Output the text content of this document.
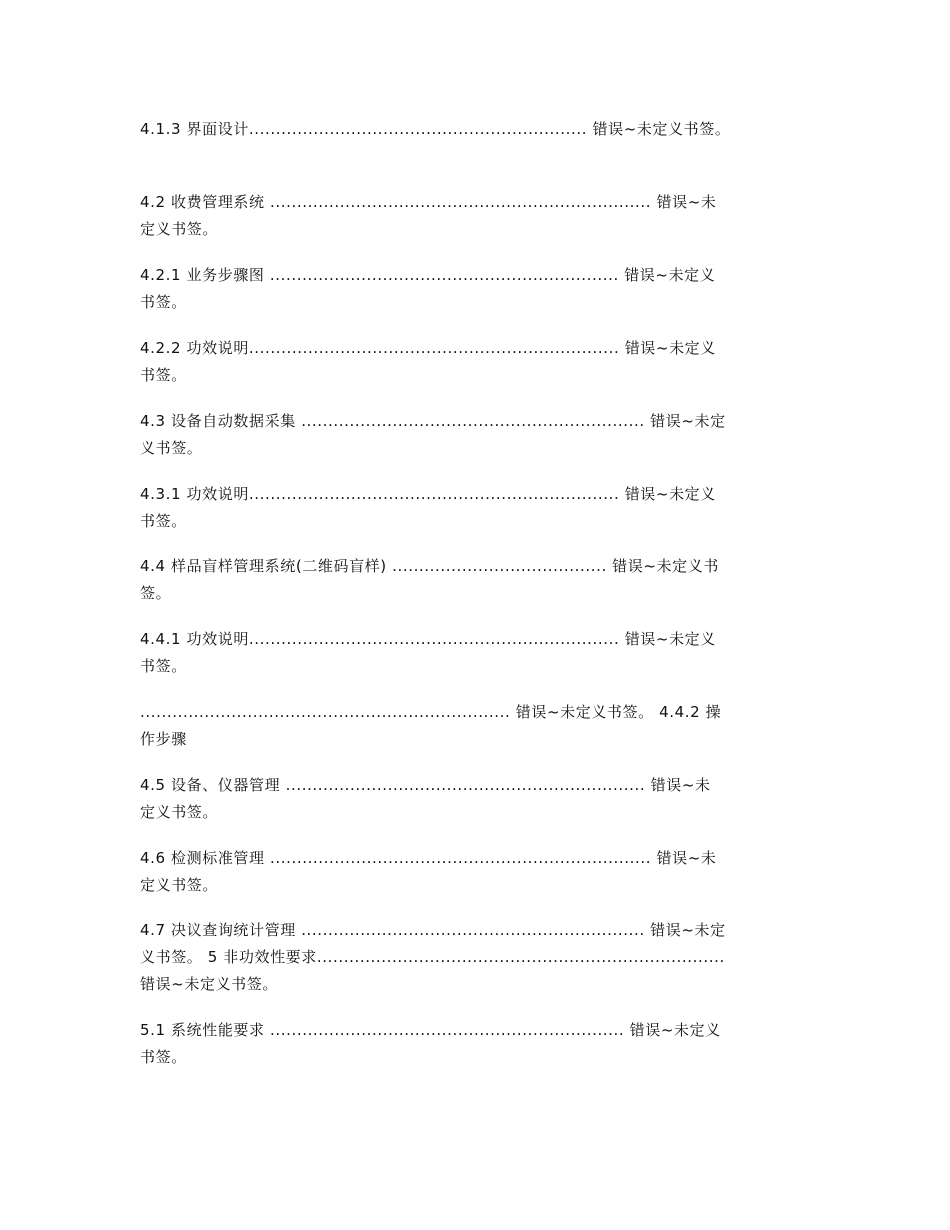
4.1.3 界面设计............................................................... 错误~未定义书签。
4.2 收费管理系统 ....................................................................... 错误~未
定义书签。
4.2.1 业务步骤图 ................................................................. 错误~未定义
书签。
4.2.2 功效说明..................................................................... 错误~未定义
书签。
4.3 设备自动数据采集 ................................................................ 错误~未定
义书签。
4.3.1 功效说明..................................................................... 错误~未定义
书签。
4.4 样品盲样管理系统(二维码盲样) ........................................ 错误~未定义书
签。
4.4.1 功效说明..................................................................... 错误~未定义
书签。
..................................................................... 错误~未定义书签。 4.4.2 操
作步骤
4.5 设备、仪器管理 ................................................................... 错误~未
定义书签。
4.6 检测标准管理 ....................................................................... 错误~未
定义书签。
4.7 决议查询统计管理 ................................................................ 错误~未定
义书签。 5 非功效性要求............................................................................
错误~未定义书签。
5.1 系统性能要求 .................................................................. 错误~未定义
书签。
